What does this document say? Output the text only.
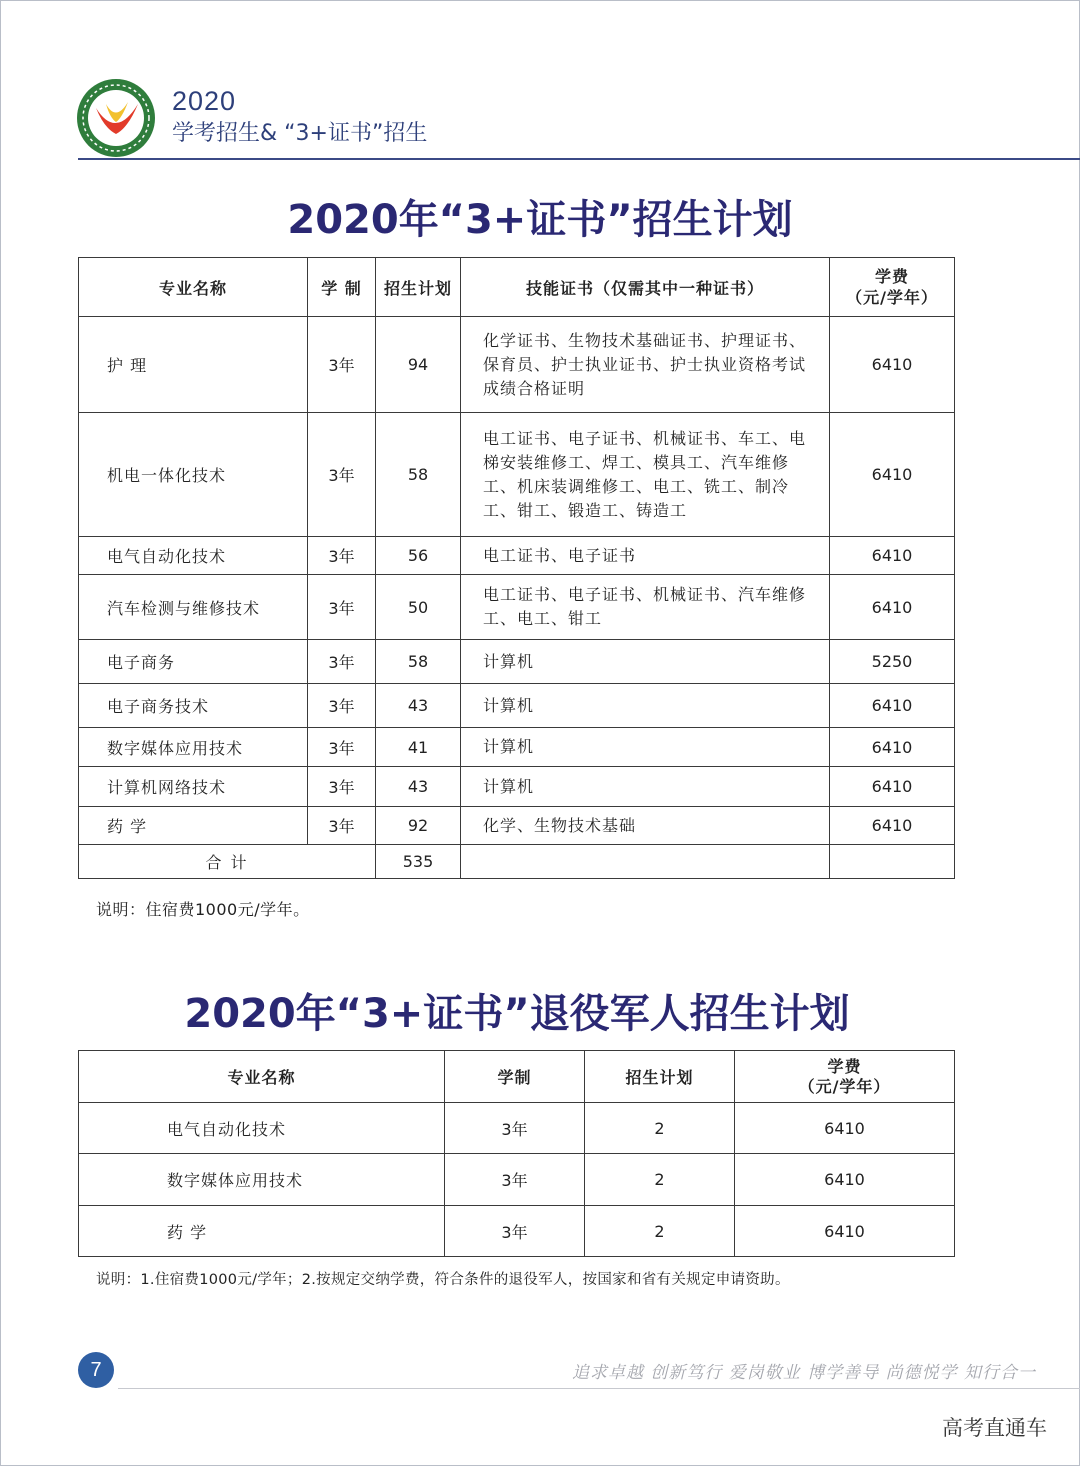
2020
学考招生& “3+证书”招生
2020年“3+证书”招生计划
专业名称	学 制	招生计划	技能证书（仅需其中一种证书）	学费
（元/学年）
护 理	3年	94	化学证书、生物技术基础证书、护理证书、保育员、护士执业证书、护士执业资格考试成绩合格证明	6410
机电一体化技术	3年	58	电工证书、电子证书、机械证书、车工、电梯安装维修工、焊工、模具工、汽车维修工、机床装调维修工、电工、铣工、制冷工、钳工、锻造工、铸造工	6410
电气自动化技术	3年	56	电工证书、电子证书	6410
汽车检测与维修技术	3年	50	电工证书、电子证书、机械证书、汽车维修工、电工、钳工	6410
电子商务	3年	58	计算机	5250
电子商务技术	3年	43	计算机	6410
数字媒体应用技术	3年	41	计算机	6410
计算机网络技术	3年	43	计算机	6410
药 学	3年	92	化学、生物技术基础	6410
合 计		535		
说明：住宿费1000元/学年。
2020年“3+证书”退役军人招生计划
专业名称	学制	招生计划	学费
（元/学年）
电气自动化技术	3年	2	6410
数字媒体应用技术	3年	2	6410
药 学	3年	2	6410
说明：1.住宿费1000元/学年；2.按规定交纳学费，符合条件的退役军人，按国家和省有关规定申请资助。
7	追求卓越 创新笃行 爱岗敬业 博学善导 尚德悦学 知行合一
高考直通车
